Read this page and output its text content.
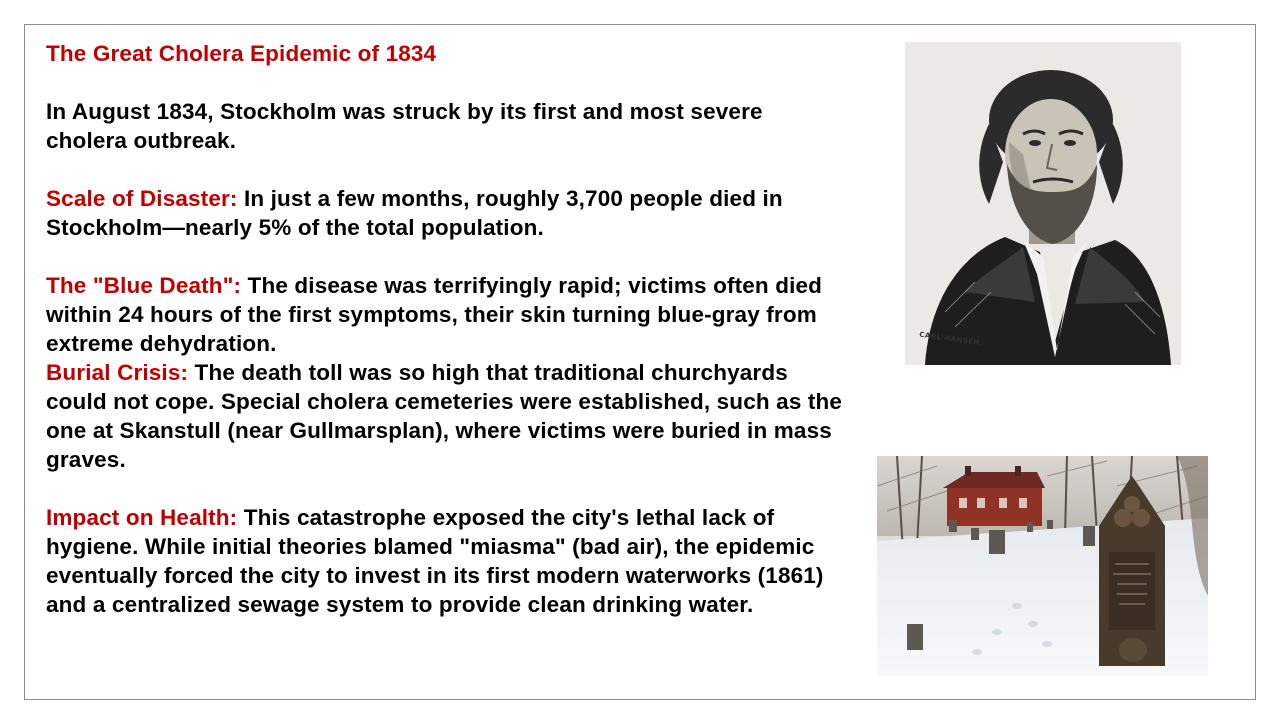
The Great Cholera Epidemic of 1834

In August 1834, Stockholm was struck by its first and most severe cholera outbreak.

Scale of Disaster: In just a few months, roughly 3,700 people died in Stockholm—nearly 5% of the total population.

The "Blue Death": The disease was terrifyingly rapid; victims often died within 24 hours of the first symptoms, their skin turning blue-gray from extreme dehydration.

Burial Crisis: The death toll was so high that traditional churchyards could not cope. Special cholera cemeteries were established, such as the one at Skanstull (near Gullmarsplan), where victims were buried in mass graves.

Impact on Health: This catastrophe exposed the city's lethal lack of hygiene. While initial theories blamed "miasma" (bad air), the epidemic eventually forced the city to invest in its first modern waterworks (1861) and a centralized sewage system to provide clean drinking water.

CARL HANSEN.
